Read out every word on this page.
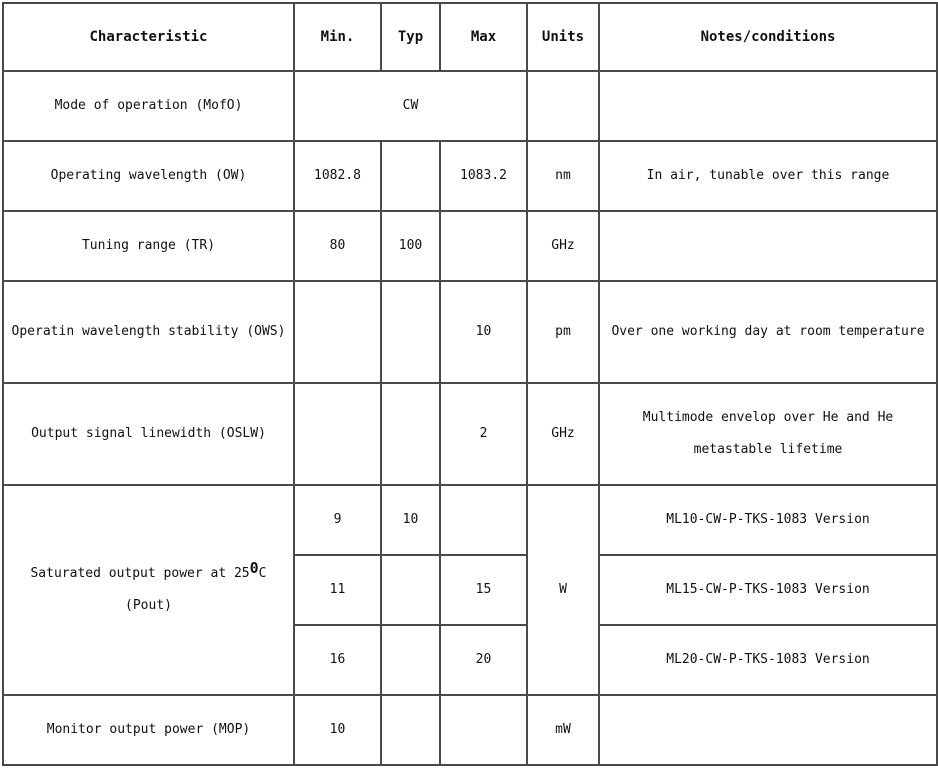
Characteristic	Min.	Typ	Max	Units	Notes/conditions
Mode of operation (MofO)	CW				
Operating wavelength (OW)	1082.8		1083.2	nm	In air, tunable over this range
Tuning range (TR)	80	100		GHz	
Operatin wavelength stability (OWS)			10	pm	Over one working day at room temperature
Output signal linewidth (OSLW)			2	GHz	Multimode envelop over He and He metastable lifetime
Saturated output power at $25^0C$ (Pout)	9	10		W	ML10-CW-P-TKS-1083 Version
	11		15		ML15-CW-P-TKS-1083 Version
	16		20		ML20-CW-P-TKS-1083 Version
Monitor output power (MOP)	10			mW	
